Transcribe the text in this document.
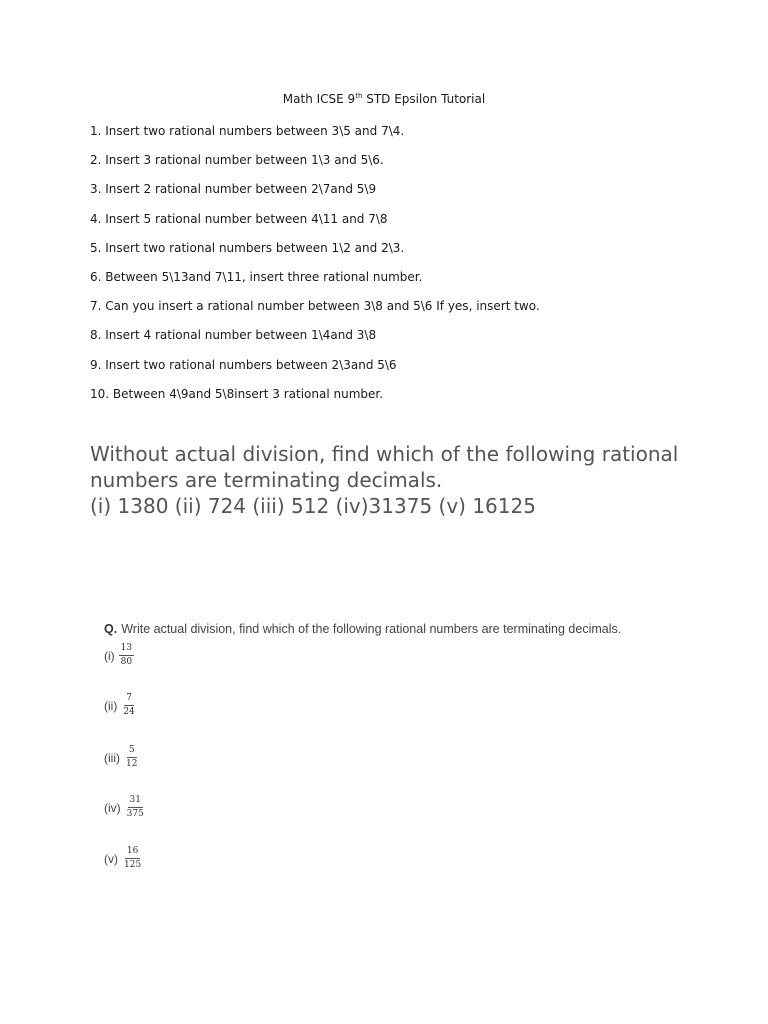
Math ICSE 9th STD Epsilon Tutorial
1. Insert two rational numbers between 3\5 and 7\4.
2. Insert 3 rational number between 1\3 and 5\6.
3. Insert 2 rational number between 2\7and 5\9
4. Insert 5 rational number between 4\11 and 7\8
5. Insert two rational numbers between 1\2 and 2\3.
6. Between 5\13and 7\11, insert three rational number.
7. Can you insert a rational number between 3\8 and 5\6 If yes, insert two.
8. Insert 4 rational number between 1\4and 3\8
9. Insert two rational numbers between 2\3and 5\6
10. Between 4\9and 5\8insert 3 rational number.
Without actual division, find which of the following rational
numbers are terminating decimals.
(i) 1380 (ii) 724 (iii) 512 (iv)31375 (v) 16125
Q. Write actual division, find which of the following rational numbers are terminating decimals.
$(i) \frac{13}{80}$
$(ii) \frac{7}{24}$
$(iii) \frac{5}{12}$
$(iv) \frac{31}{375}$
$(v) \frac{16}{125}$
